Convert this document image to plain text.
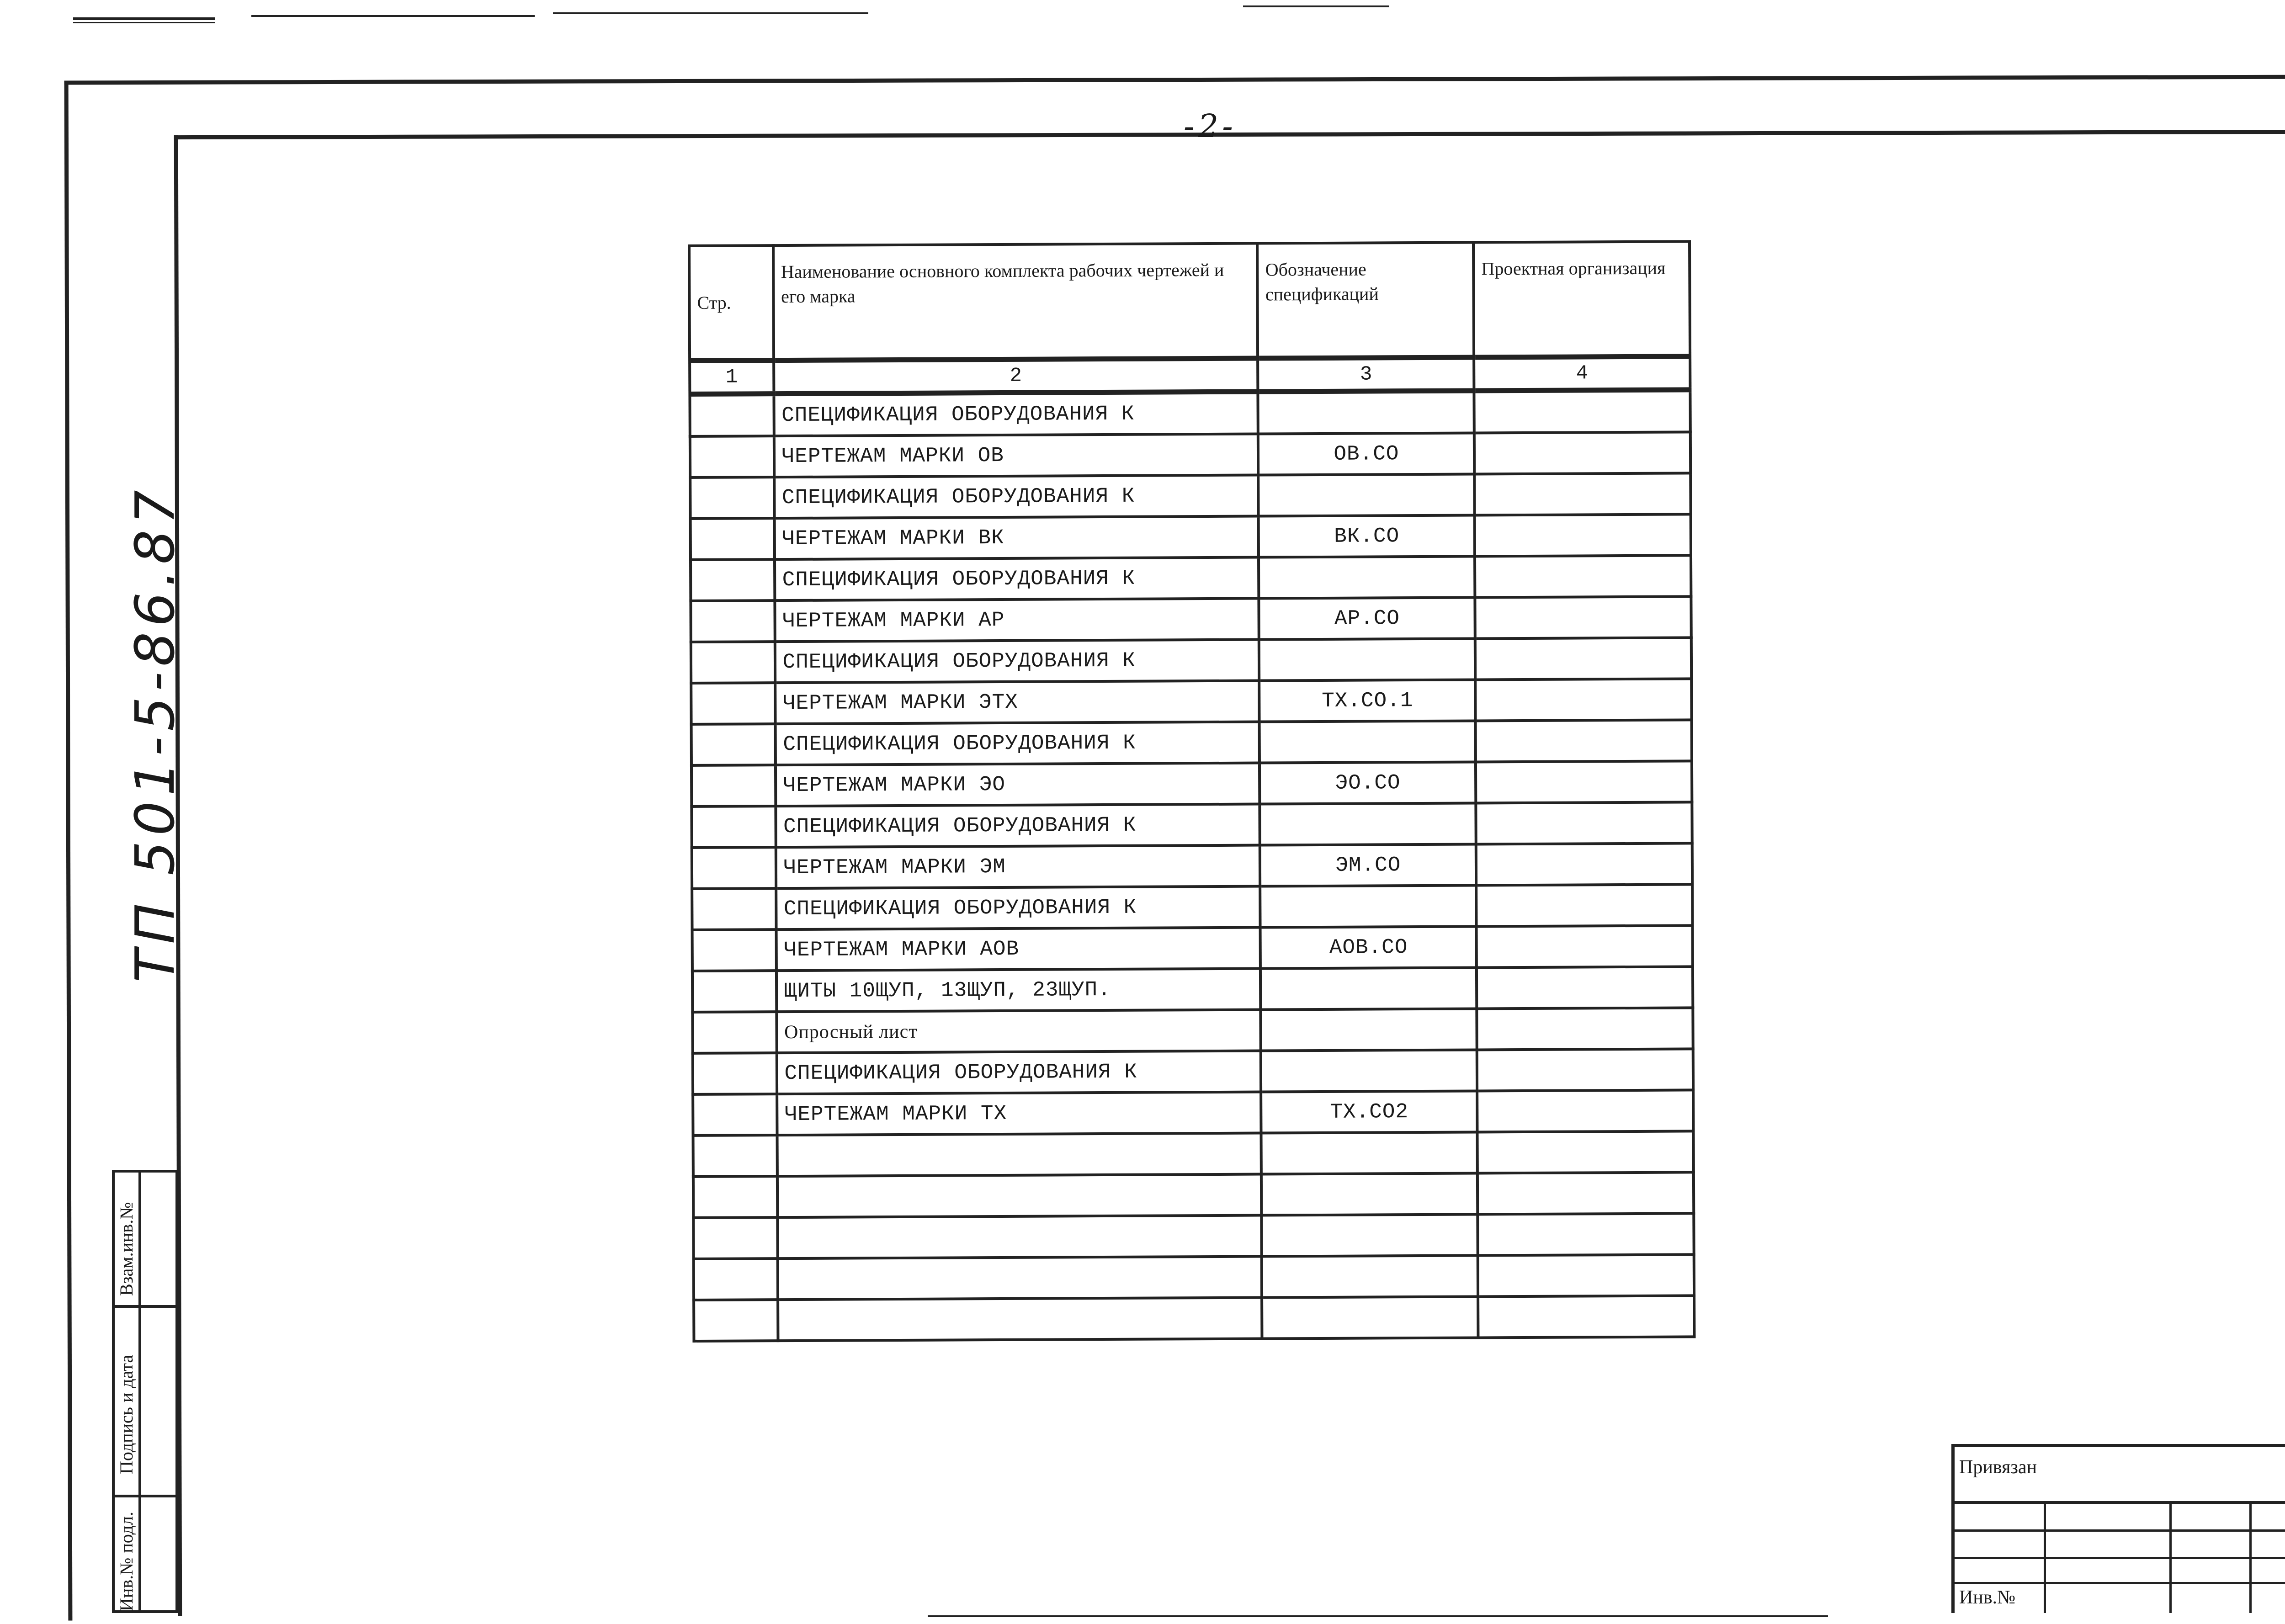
-2-
ТП 501-5-86.87
Взам.инв.№
Подпись и дата
Инв.№ подл.
Стр.	Наименование основного комплекта рабочих чертежей и его марка	Обозначение спецификаций	Проектная организация
1	2	3	4
	СПЕЦИФИКАЦИЯ ОБОРУДОВАНИЯ К		
	ЧЕРТЕЖАМ МАРКИ ОВ	ОВ.СО	
	СПЕЦИФИКАЦИЯ ОБОРУДОВАНИЯ К		
	ЧЕРТЕЖАМ МАРКИ ВК	ВК.СО	
	СПЕЦИФИКАЦИЯ ОБОРУДОВАНИЯ К		
	ЧЕРТЕЖАМ МАРКИ АР	АР.СО	
	СПЕЦИФИКАЦИЯ ОБОРУДОВАНИЯ К		
	ЧЕРТЕЖАМ МАРКИ ЭТХ	ТХ.СО.1	
	СПЕЦИФИКАЦИЯ ОБОРУДОВАНИЯ К		
	ЧЕРТЕЖАМ МАРКИ ЭО	ЭО.СО	
	СПЕЦИФИКАЦИЯ ОБОРУДОВАНИЯ К		
	ЧЕРТЕЖАМ МАРКИ ЭМ	ЭМ.СО	
	СПЕЦИФИКАЦИЯ ОБОРУДОВАНИЯ К		
	ЧЕРТЕЖАМ МАРКИ АОВ	АОВ.СО	
	ЩИТЫ 10ЩУП, 13ЩУП, 23ЩУП.		
	Опросный лист		
	СПЕЦИФИКАЦИЯ ОБОРУДОВАНИЯ К		
	ЧЕРТЕЖАМ МАРКИ ТХ	ТХ.СО2	

Привязан
Инв.№
